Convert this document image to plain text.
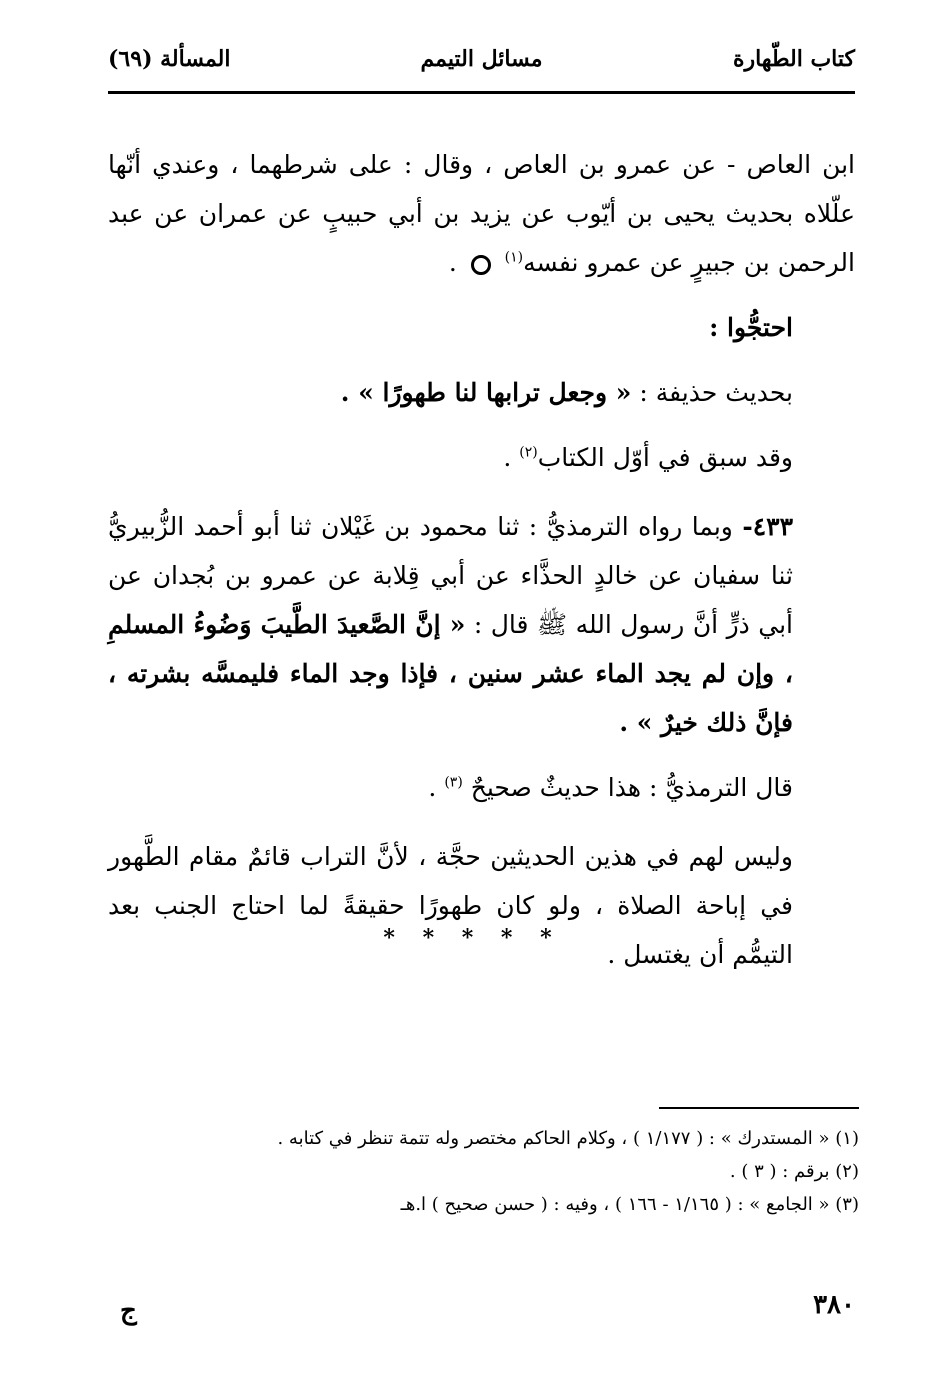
كتاب الطّهارة
مسائل التيمم
المسألة (٦٩)

ابن العاص - عن عمرو بن العاص ، وقال : على شرطهما ، وعندي أنّها علّلاه بحديث يحيى بن أيّوب عن يزيد بن أبي حبيبٍ عن عمران عن عبد الرحمن بن جبيرٍ عن عمرو نفسه$^{(١)}$  .

احتجُّوا :

بحديث حذيفة : « وجعل ترابها لنا طهورًا » .

وقد سبق في أوّل الكتاب$^{(٢)}$ .

٤٣٣- وبما رواه الترمذيُّ : ثنا محمود بن غَيْلان ثنا أبو أحمد الزُّبيريُّ ثنا سفيان عن خالدٍ الحذَّاء عن أبي قِلابة عن عمرو بن بُجدان عن أبي ذرٍّ أنَّ رسول الله ﷺ قال : « إنَّ الصَّعيدَ الطَّيبَ وَضُوءُ المسلمِ ، وإن لم يجد الماء عشر سنين ، فإذا وجد الماء فليمسَّه بشرته ، فإنَّ ذلك خيرٌ » .

قال الترمذيُّ : هذا حديثٌ صحيحٌ $^{(٣)}$ .

وليس لهم في هذين الحديثين حجَّة ، لأنَّ التراب قائمٌ مقام الطَّهور في إباحة الصلاة ، ولو كان طهورًا حقيقةً لما احتاج الجنب بعد التيمُّم أن يغتسل .

* * * * *

(١) « المستدرك » : ( ١/١٧٧ ) ، وكلام الحاكم مختصر وله تتمة تنظر في كتابه .

(٢) برقم : ( ٣ ) .

(٣) « الجامع » : ( ١/١٦٥ - ١٦٦ ) ، وفيه : ( حسن صحيح ) ا.هـ

٣٨٠
ج
